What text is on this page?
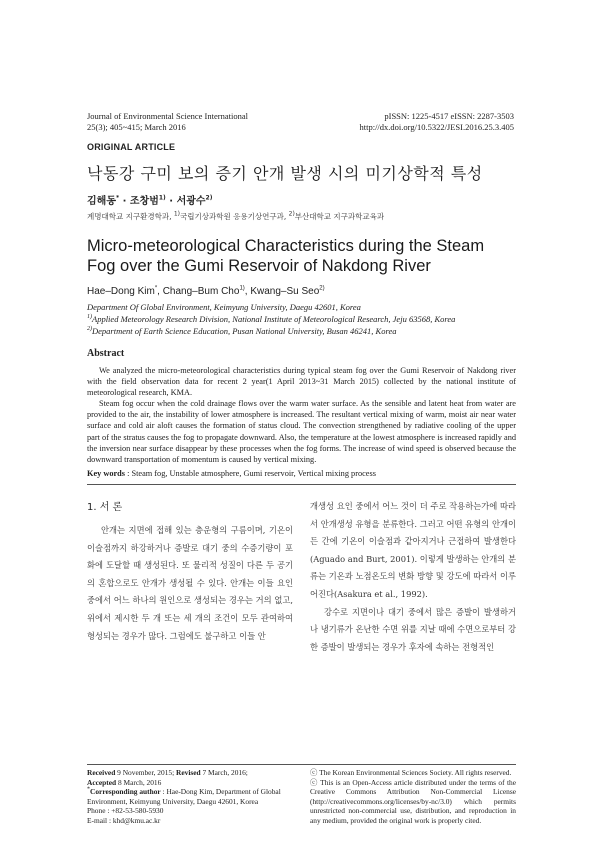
Journal of Environmental Science International
25(3); 405~415; March 2016
pISSN: 1225-4517 eISSN: 2287-3503
http://dx.doi.org/10.5322/JESI.2016.25.3.405
ORIGINAL ARTICLE
낙동강 구미 보의 증기 안개 발생 시의 미기상학적 특성
김해동* · 조창범$^{1)}$ · 서광수$^{2)}$
계명대학교 지구환경학과, $^{1)}$국립기상과학원 응용기상연구과, $^{2)}$부산대학교 지구과학교육과
Micro-meteorological Characteristics during the Steam Fog over the Gumi Reservoir of Nakdong River
Hae–Dong Kim*, Chang–Bum Cho$^{1)}$, Kwang–Su Seo$^{2)}$
Department Of Global Environment, Keimyung University, Daegu 42601, Korea
$^{1)}$Applied Meteorology Research Division, National Institute of Meteorological Research, Jeju 63568, Korea
$^{2)}$Department of Earth Science Education, Pusan National University, Busan 46241, Korea
Abstract

We analyzed the micro-meteorological characteristics during typical steam fog over the Gumi Reservoir of Nakdong river with the field observation data for recent 2 year(1 April 2013~31 March 2015) collected by the national institute of meteorological research, KMA.

Steam fog occur when the cold drainage flows over the warm water surface. As the sensible and latent heat from water are provided to the air, the instability of lower atmosphere is increased. The resultant vertical mixing of warm, moist air near water surface and cold air aloft causes the formation of status cloud. The convection strengthened by radiative cooling of the upper part of the stratus causes the fog to propagate downward. Also, the temperature at the lowest atmosphere is increased rapidly and the inversion near surface disappear by these processes when the fog forms. The increase of wind speed is observed because the downward transportation of momentum is caused by vertical mixing.

Key words : Steam fog, Unstable atmosphere, Gumi reservoir, Vertical mixing process
1. 서 론

안개는 지면에 접해 있는 층운형의 구름이며, 기온이 이슬점까지 하강하거나 증발로 대기 중의 수증기량이 포화에 도달할 때 생성된다. 또 물리적 성질이 다른 두 공기의 혼합으로도 안개가 생성될 수 있다. 안개는 이들 요인 중에서 어느 하나의 원인으로 생성되는 경우는 거의 없고, 위에서 제시한 두 개 또는 세 개의 조건이 모두 관여하여 형성되는 경우가 많다. 그럼에도 불구하고 이들 안

개생성 요인 중에서 어느 것이 더 주로 작용하는가에 따라서 안개생성 유형을 분류한다. 그러고 어떤 유형의 안개이든 간에 기온이 이슬점과 같아지거나 근접하여 발생한다(Aguado and Burt, 2001). 이렇게 발생하는 안개의 분류는 기온과 노점온도의 변화 방향 및 강도에 따라서 이루어진다(Asakura et al., 1992).

강수로 지면이나 대기 중에서 많은 증발이 발생하거나 냉기류가 온난한 수면 위를 지날 때에 수면으로부터 강한 증발이 발생되는 경우가 후자에 속하는 전형적인

Received 9 November, 2015; Revised 7 March, 2016;
Accepted 8 March, 2016
*Corresponding author : Hae-Dong Kim, Department of Global Environment, Keimyung University, Daegu 42601, Korea
Phone : +82-53-580-5930
E-mail : khd@kmu.ac.kr
ⓒ The Korean Environmental Sciences Society. All rights reserved.
ⓒ This is an Open-Access article distributed under the terms of the Creative Commons Attribution Non-Commercial License (http://creativecommons.org/licenses/by-nc/3.0) which permits unrestricted non-commercial use, distribution, and reproduction in any medium, provided the original work is properly cited.
